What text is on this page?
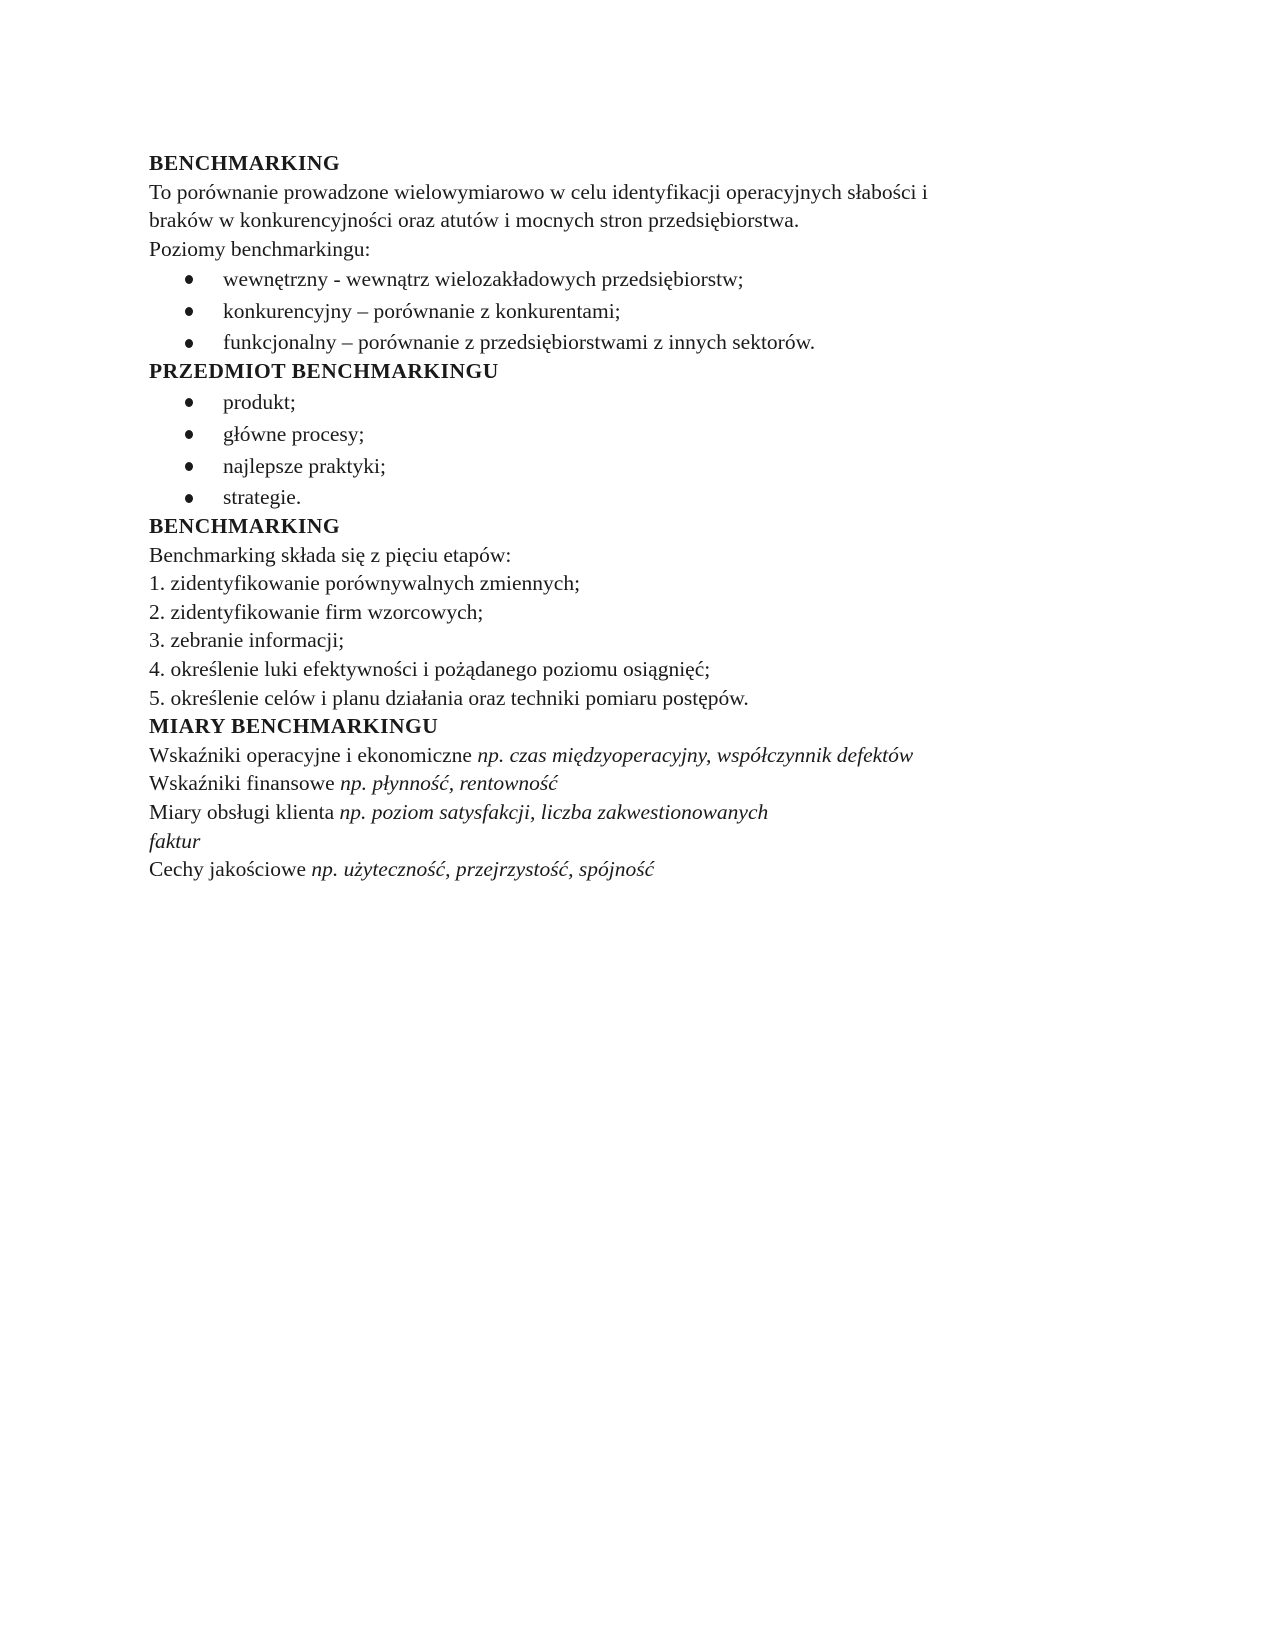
BENCHMARKING
To porównanie prowadzone wielowymiarowo w celu identyfikacji operacyjnych słabości i
braków w konkurencyjności oraz atutów i mocnych stron przedsiębiorstwa.
Poziomy benchmarkingu:
wewnętrzny - wewnątrz wielozakładowych przedsiębiorstw;
konkurencyjny – porównanie z konkurentami;
funkcjonalny – porównanie z przedsiębiorstwami z innych sektorów.
PRZEDMIOT BENCHMARKINGU
produkt;
główne procesy;
najlepsze praktyki;
strategie.
BENCHMARKING
Benchmarking składa się z pięciu etapów:
1. zidentyfikowanie porównywalnych zmiennych;
2. zidentyfikowanie firm wzorcowych;
3. zebranie informacji;
4. określenie luki efektywności i pożądanego poziomu osiągnięć;
5. określenie celów i planu działania oraz techniki pomiaru postępów.
MIARY BENCHMARKINGU
Wskaźniki operacyjne i ekonomiczne np. czas międzyoperacyjny, współczynnik defektów
Wskaźniki finansowe np. płynność, rentowność
Miary obsługi klienta np. poziom satysfakcji, liczba zakwestionowanych
faktur
Cechy jakościowe np. użyteczność, przejrzystość, spójność
